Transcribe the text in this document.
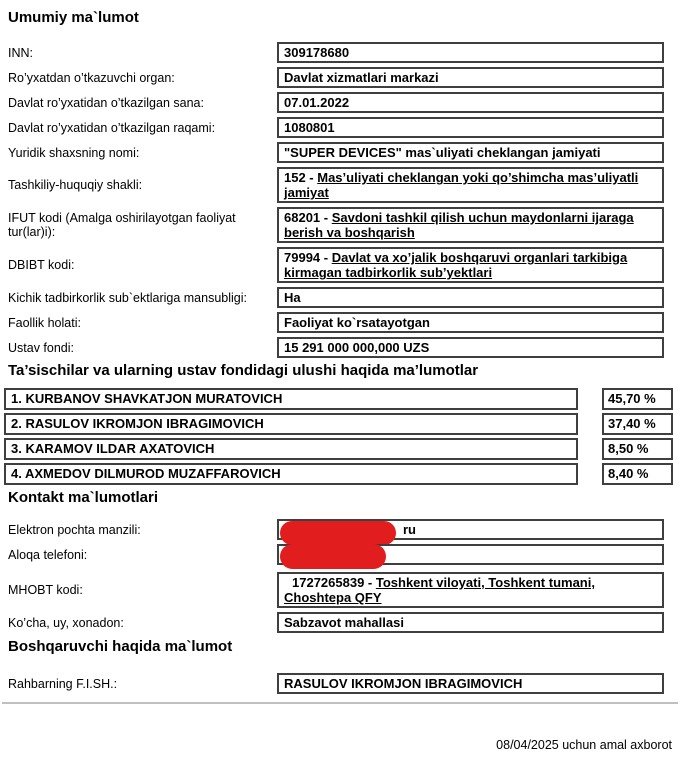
Umumiy ma`lumot
INN:	309178680
Ro’yxatdan o’tkazuvchi organ:	Davlat xizmatlari markazi
Davlat ro’yxatidan o’tkazilgan sana:	07.01.2022
Davlat ro’yxatidan o’tkazilgan raqami:	1080801
Yuridik shaxsning nomi:	"SUPER DEVICES" mas`uliyati cheklangan jamiyati
Tashkiliy-huquqiy shakli:	152 - Mas’uliyati cheklangan yoki qo’shimcha mas’uliyatli jamiyat
IFUT kodi (Amalga oshirilayotgan faoliyat tur(lar)i):
68201 - Savdoni tashkil qilish uchun maydonlarni ijaraga berish va boshqarish
DBIBT kodi:	79994 - Davlat va xo’jalik boshqaruvi organlari tarkibiga kirmagan tadbirkorlik sub’yektlari
Kichik tadbirkorlik sub`ektlariga mansubligi:	Ha
Faollik holati:	Faoliyat ko`rsatayotgan
Ustav fondi:	15 291 000 000,000 UZS
Ta’sischilar va ularning ustav fondidagi ulushi haqida ma’lumotlar
1. KURBANOV SHAVKATJON MURATOVICH	45,70 %
2. RASULOV IKROMJON IBRAGIMOVICH	37,40 %
3. KARAMOV ILDAR AXATOVICH	8,50 %
4. AXMEDOV DILMUROD MUZAFFAROVICH	8,40 %
Kontakt ma`lumotlari
Elektron pochta manzili:	ru
Aloqa telefoni:

MHOBT kodi:	1727265839 - Toshkent viloyati, Toshkent tumani, Choshtepa QFY
Ko’cha, uy, xonadon:	Sabzavot mahallasi
Boshqaruvchi haqida ma`lumot
Rahbarning F.I.SH.:	RASULOV IKROMJON IBRAGIMOVICH
08/04/2025 uchun amal axborot
